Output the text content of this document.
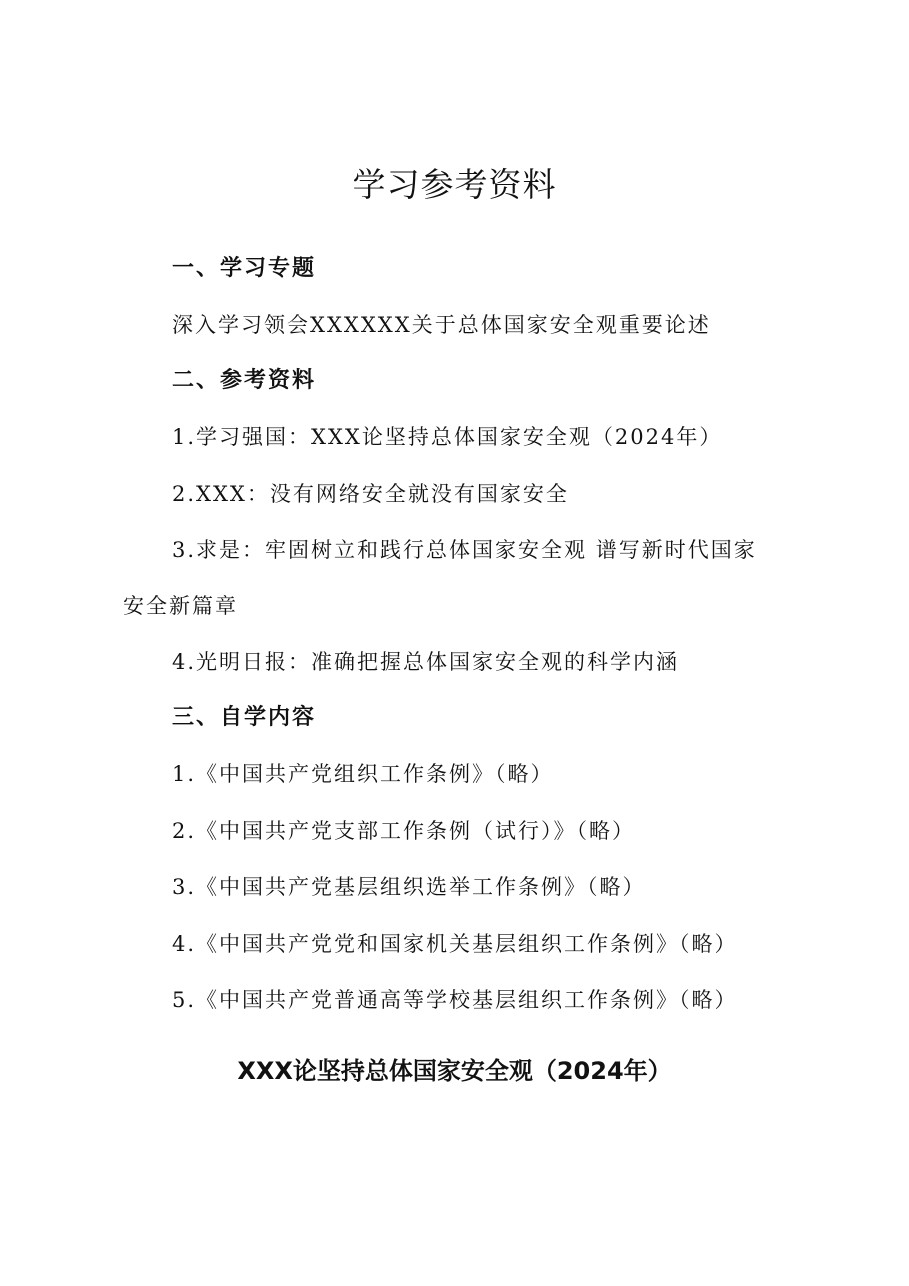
学习参考资料
一、学习专题

深入学习领会XXXXXX关于总体国家安全观重要论述

二、参考资料

1.学习强国：XXX论坚持总体国家安全观（2024年）

2.XXX：没有网络安全就没有国家安全

3.求是：牢固树立和践行总体国家安全观 谱写新时代国家

安全新篇章

4.光明日报：准确把握总体国家安全观的科学内涵

三、自学内容

1.《中国共产党组织工作条例》（略）

2.《中国共产党支部工作条例（试行）》（略）

3.《中国共产党基层组织选举工作条例》（略）

4.《中国共产党党和国家机关基层组织工作条例》（略）

5.《中国共产党普通高等学校基层组织工作条例》（略）

XXX论坚持总体国家安全观（2024年）
